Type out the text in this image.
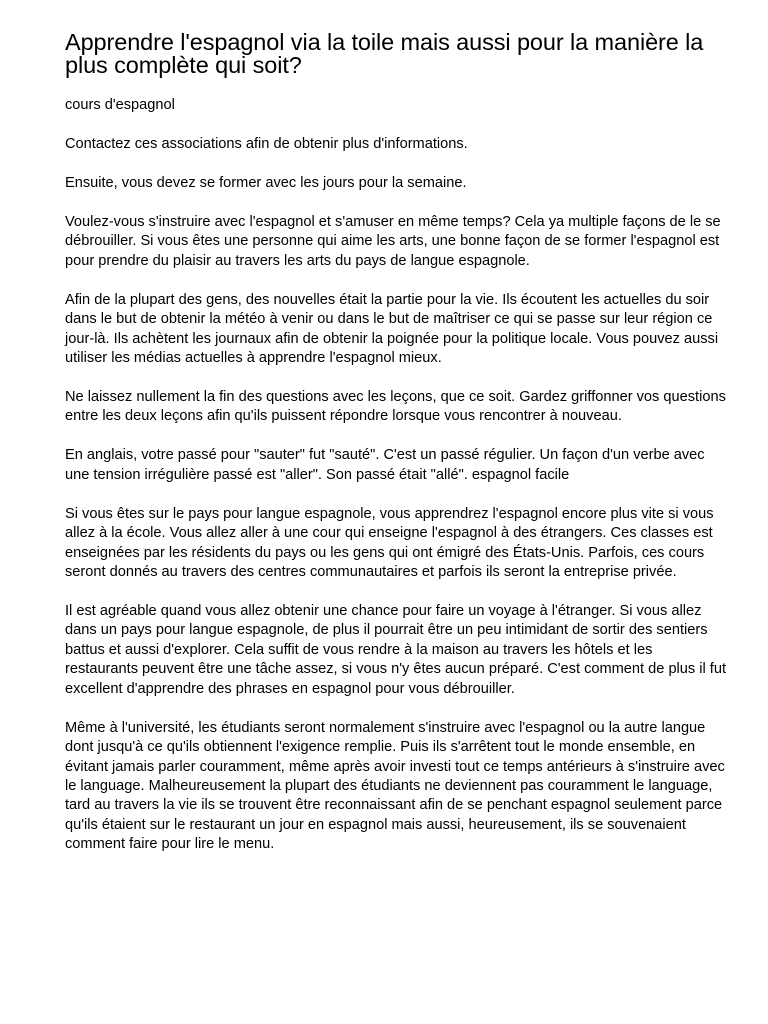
Apprendre l'espagnol via la toile mais aussi pour la manière la plus complète qui soit?

cours d'espagnol

Contactez ces associations afin de obtenir plus d'informations.

Ensuite, vous devez se former avec les jours pour la semaine.

Voulez-vous s'instruire avec l'espagnol et s'amuser en même temps? Cela ya multiple façons de le se débrouiller. Si vous êtes une personne qui aime les arts, une bonne façon de se former l'espagnol est pour prendre du plaisir au travers les arts du pays de langue espagnole.

Afin de la plupart des gens, des nouvelles était la partie pour la vie. Ils écoutent les actuelles du soir dans le but de obtenir la météo à venir ou dans le but de maîtriser ce qui se passe sur leur région ce jour-là. Ils achètent les journaux afin de obtenir la poignée pour la politique locale. Vous pouvez aussi utiliser les médias actuelles à apprendre l'espagnol mieux.

Ne laissez nullement la fin des questions avec les leçons, que ce soit. Gardez griffonner vos questions entre les deux leçons afin qu'ils puissent répondre lorsque vous rencontrer à nouveau.

En anglais, votre passé pour "sauter" fut "sauté". C'est un passé régulier. Un façon d'un verbe avec une tension irrégulière passé est "aller". Son passé était "allé". espagnol facile

Si vous êtes sur le pays pour langue espagnole, vous apprendrez l'espagnol encore plus vite si vous allez à la école. Vous allez aller à une cour qui enseigne l'espagnol à des étrangers. Ces classes est enseignées par les résidents du pays ou les gens qui ont émigré des États-Unis. Parfois, ces cours seront donnés au travers des centres communautaires et parfois ils seront la entreprise privée.

Il est agréable quand vous allez obtenir une chance pour faire un voyage à l'étranger. Si vous allez dans un pays pour langue espagnole, de plus il pourrait être un peu intimidant de sortir des sentiers battus et aussi d'explorer. Cela suffit de vous rendre à la maison au travers les hôtels et les restaurants peuvent être une tâche assez, si vous n'y êtes aucun préparé. C'est comment de plus il fut excellent d'apprendre des phrases en espagnol pour vous débrouiller.

Même à l'université, les étudiants seront normalement s'instruire avec l'espagnol ou la autre langue dont jusqu'à ce qu'ils obtiennent l'exigence remplie. Puis ils s'arrêtent tout le monde ensemble, en évitant jamais parler couramment, même après avoir investi tout ce temps antérieurs à s'instruire avec le language. Malheureusement la plupart des étudiants ne deviennent pas couramment le language, tard au travers la vie ils se trouvent être reconnaissant afin de se penchant espagnol seulement parce qu'ils étaient sur le restaurant un jour en espagnol mais aussi, heureusement, ils se souvenaient comment faire pour lire le menu.
